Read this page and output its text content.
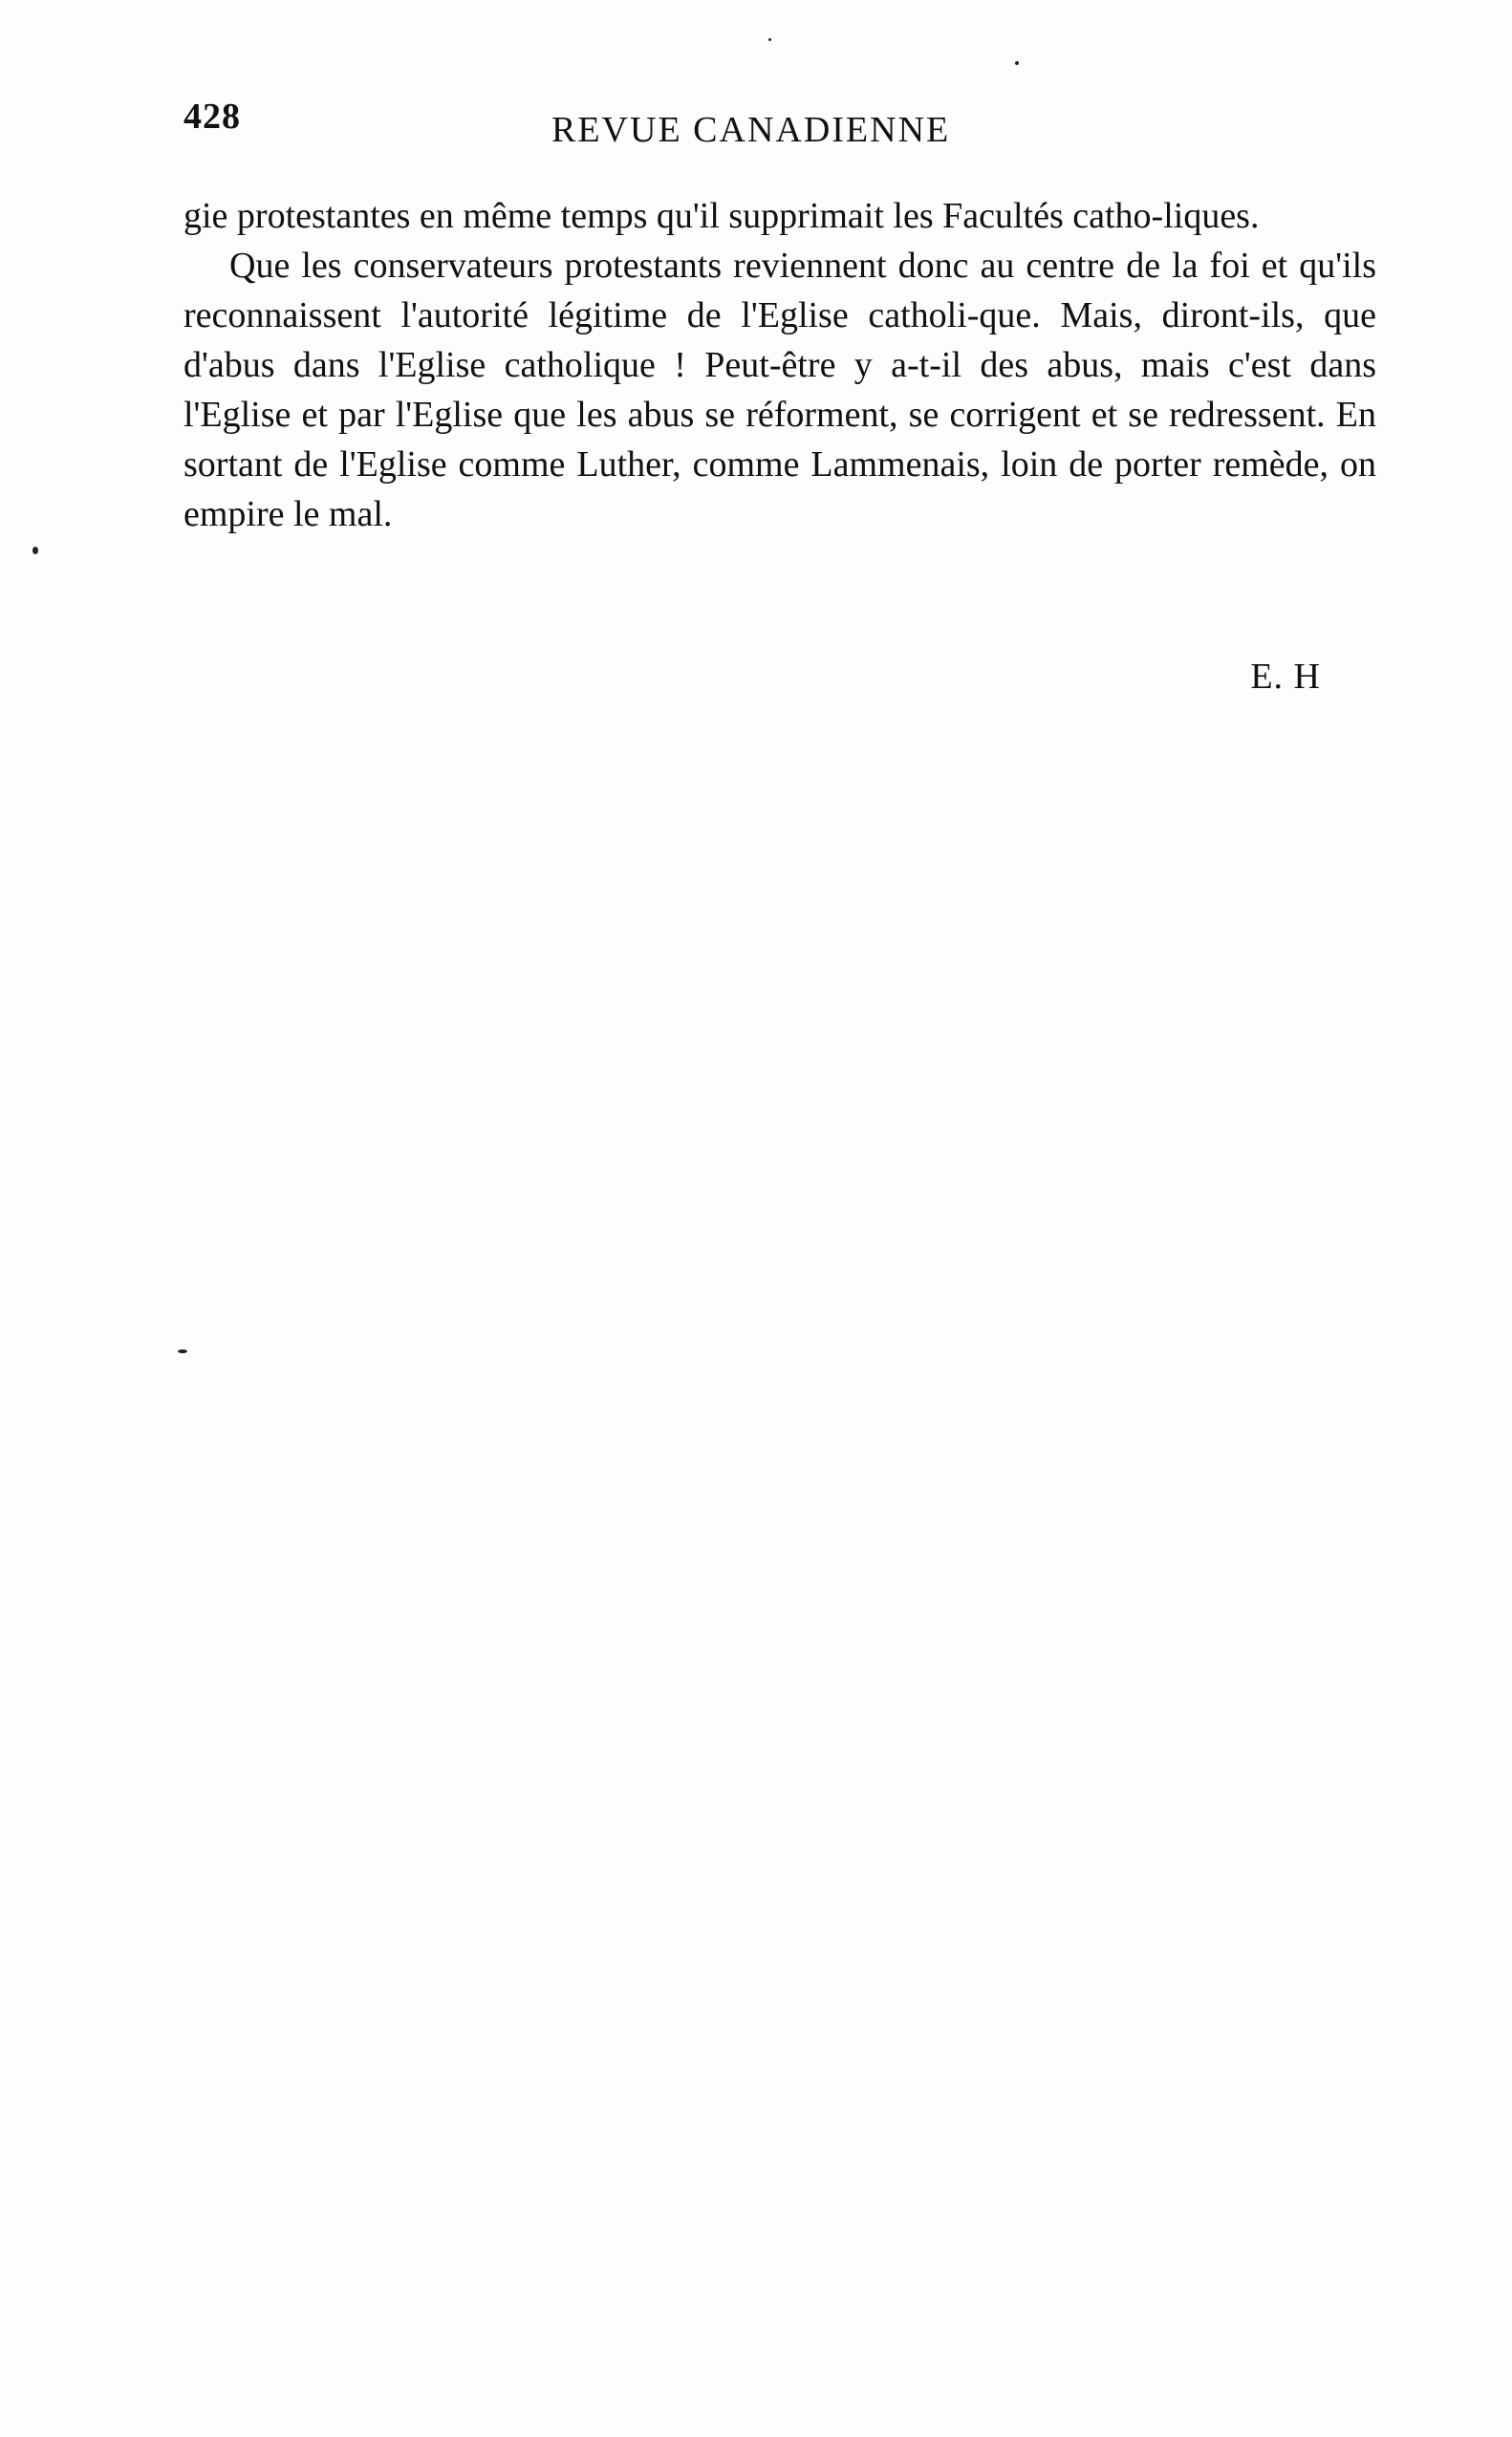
428	REVUE CANADIENNE

gie protestantes en même temps qu'il supprimait les Facultés catho-liques.

Que les conservateurs protestants reviennent donc au centre de la foi et qu'ils reconnaissent l'autorité légitime de l'Eglise catholi-que. Mais, diront-ils, que d'abus dans l'Eglise catholique ! Peut-être y a-t-il des abus, mais c'est dans l'Eglise et par l'Eglise que les abus se réforment, se corrigent et se redressent. En sortant de l'Eglise comme Luther, comme Lammenais, loin de porter remède, on empire le mal.

E. H
